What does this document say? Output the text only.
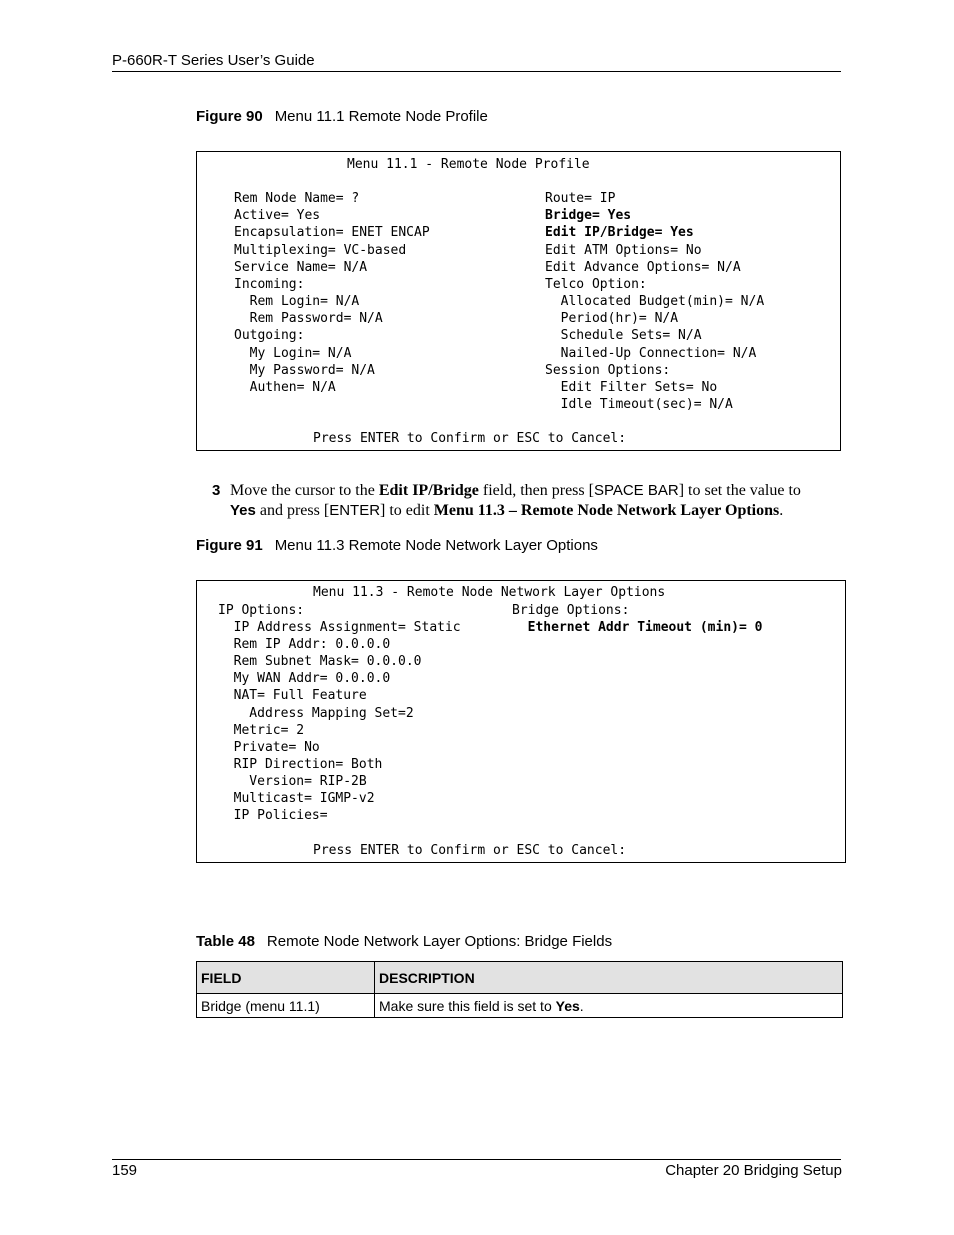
P-660R-T Series User’s Guide
Figure 90 Menu 11.1 Remote Node Profile
Menu 11.1 - Remote Node Profile
Rem Node Name= ?
Active= Yes
Encapsulation= ENET ENCAP
Multiplexing= VC-based
Service Name= N/A
Incoming:
Rem Login= N/A
Rem Password= N/A
Outgoing:
My Login= N/A
My Password= N/A
Authen= N/A
Route= IP
Bridge= Yes
Edit IP/Bridge= Yes
Edit ATM Options= No
Edit Advance Options= N/A
Telco Option:
Allocated Budget(min)= N/A
Period(hr)= N/A
Schedule Sets= N/A
Nailed-Up Connection= N/A
Session Options:
Edit Filter Sets= No
Idle Timeout(sec)= N/A
Press ENTER to Confirm or ESC to Cancel:
3 Move the cursor to the Edit IP/Bridge field, then press [SPACE BAR] to set the value to
Yes and press [ENTER] to edit Menu 11.3 – Remote Node Network Layer Options.
Figure 91 Menu 11.3 Remote Node Network Layer Options
Menu 11.3 - Remote Node Network Layer Options
IP Options:
IP Address Assignment= Static
Rem IP Addr: 0.0.0.0
Rem Subnet Mask= 0.0.0.0
My WAN Addr= 0.0.0.0
NAT= Full Feature
Address Mapping Set=2
Metric= 2
Private= No
RIP Direction= Both
Version= RIP-2B
Multicast= IGMP-v2
IP Policies=
Bridge Options:
Ethernet Addr Timeout (min)= 0
Press ENTER to Confirm or ESC to Cancel:
Table 48 Remote Node Network Layer Options: Bridge Fields
FIELD	DESCRIPTION
Bridge (menu 11.1)	Make sure this field is set to Yes.
159	Chapter 20 Bridging Setup
